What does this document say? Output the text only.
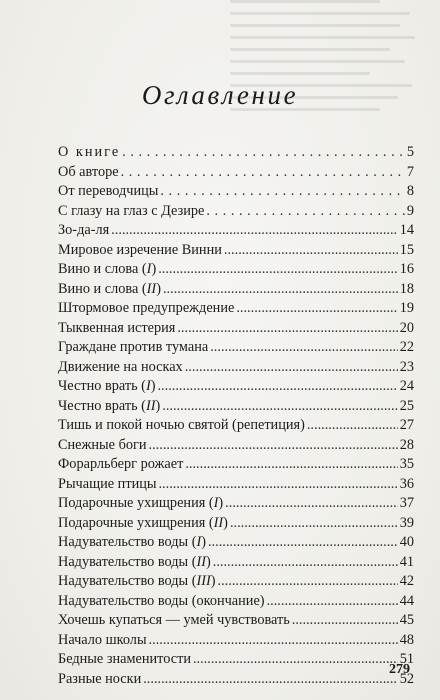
Оглавление
О книге . . .	5
Об авторе . . .	7
От переводчицы . . .	8
С глазу на глаз с Дезире . . .	9
Зо-да-ля .....	14
Мировое изречение Винни .....	15
Вино и слова (I) .....	16
Вино и слова (II) .....	18
Штормовое предупреждение .....	19
Тыквенная истерия .....	20
Граждане против тумана .....	22
Движение на носках .....	23
Честно врать (I) .....	24
Честно врать (II) .....	25
Тишь и покой ночью святой (репетиция) .....	27
Снежные боги .....	28
Форарльберг рожает .....	35
Рычащие птицы .....	36
Подарочные ухищрения (I) .....	37
Подарочные ухищрения (II) .....	39
Надувательство воды (I) .....	40
Надувательство воды (II) .....	41
Надувательство воды (III) .....	42
Надувательство воды (окончание) .....	44
Хочешь купаться — умей чувствовать .....	45
Начало школы .....	48
Бедные знаменитости .....	51
Разные носки .....	52
279
